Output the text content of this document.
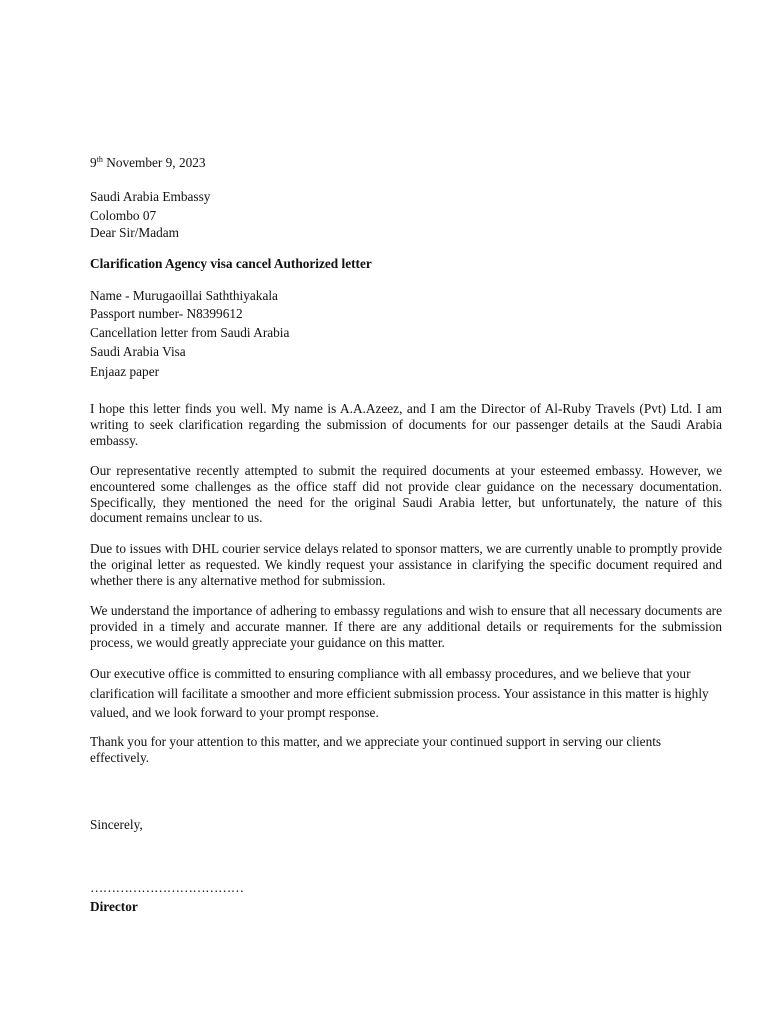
9th November 9, 2023
Saudi Arabia Embassy
Colombo 07
Dear Sir/Madam
Clarification Agency visa cancel Authorized letter
Name - Murugaoillai Saththiyakala
Passport number- N8399612
Cancellation letter from Saudi Arabia
Saudi Arabia Visa
Enjaaz paper
I hope this letter finds you well. My name is A.A.Azeez, and I am the Director of Al-Ruby Travels (Pvt) Ltd. I am writing to seek clarification regarding the submission of documents for our passenger details at the Saudi Arabia embassy.
Our representative recently attempted to submit the required documents at your esteemed embassy. However, we encountered some challenges as the office staff did not provide clear guidance on the necessary documentation. Specifically, they mentioned the need for the original Saudi Arabia letter, but unfortunately, the nature of this document remains unclear to us.
Due to issues with DHL courier service delays related to sponsor matters, we are currently unable to promptly provide the original letter as requested. We kindly request your assistance in clarifying the specific document required and whether there is any alternative method for submission.
We understand the importance of adhering to embassy regulations and wish to ensure that all necessary documents are provided in a timely and accurate manner. If there are any additional details or requirements for the submission process, we would greatly appreciate your guidance on this matter.
Our executive office is committed to ensuring compliance with all embassy procedures, and we believe that your clarification will facilitate a smoother and more efficient submission process. Your assistance in this matter is highly valued, and we look forward to your prompt response.
Thank you for your attention to this matter, and we appreciate your continued support in serving our clients effectively.
Sincerely,
………………………………
Director
